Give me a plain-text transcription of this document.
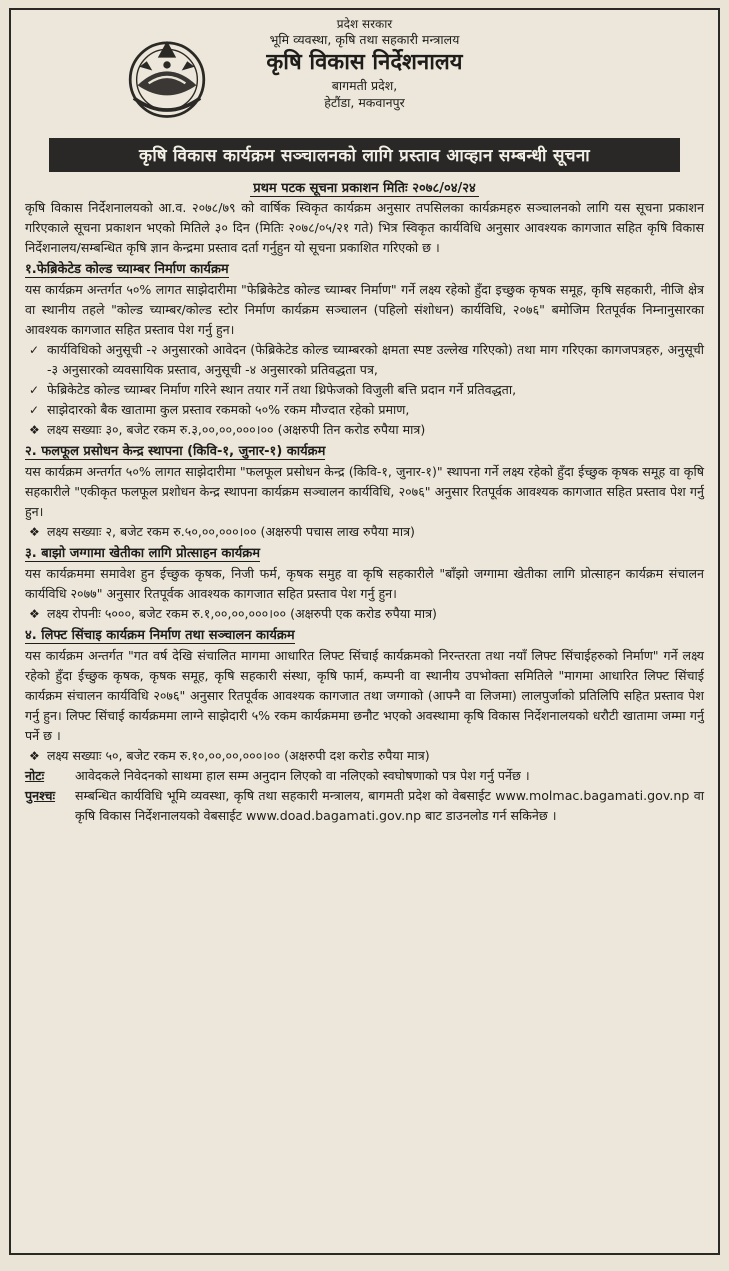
प्रदेश सरकार

भूमि व्यवस्था, कृषि तथा सहकारी मन्त्रालय

कृषि विकास निर्देशनालय

बागमती प्रदेश,

हेटौंडा, मकवानपुर

कृषि विकास कार्यक्रम सञ्चालनको लागि प्रस्ताव आव्हान सम्बन्धी सूचना
प्रथम पटक सूचना प्रकाशन मितिः २०७८/०४/२४

कृषि विकास निर्देशनालयको आ.व. २०७८/७९ को वार्षिक स्विकृत कार्यक्रम अनुसार तपसिलका कार्यक्रमहरु सञ्चालनको लागि यस सूचना प्रकाशन गरिएकाले सूचना प्रकाशन भएको मितिले ३० दिन (मितिः २०७८/०५/२१ गते) भित्र स्विकृत कार्यविधि अनुसार आवश्यक कागजात सहित कृषि विकास निर्देशनालय/सम्बन्धित कृषि ज्ञान केन्द्रमा प्रस्ताव दर्ता गर्नुहुन यो सूचना प्रकाशित गरिएको छ ।

१.फेब्रिकेटेड कोल्ड च्याम्बर निर्माण कार्यक्रम

यस कार्यक्रम अन्तर्गत ५०% लागत साझेदारीमा "फेब्रिकेटेड कोल्ड च्याम्बर निर्माण" गर्ने लक्ष्य रहेको हुँदा इच्छुक कृषक समूह, कृषि सहकारी, नीजि क्षेत्र वा स्थानीय तहले "कोल्ड च्याम्बर/कोल्ड स्टोर निर्माण कार्यक्रम सञ्चालन (पहिलो संशोधन) कार्यविधि, २०७६" बमोजिम रितपूर्वक निम्नानुसारका आवश्यक कागजात सहित प्रस्ताव पेश गर्नु हुन।

✓ कार्यविधिको अनुसूची -२ अनुसारको आवेदन (फेब्रिकेटेड कोल्ड च्याम्बरको क्षमता स्पष्ट उल्लेख गरिएको) तथा माग गरिएका कागजपत्रहरु, अनुसूची -३ अनुसारको व्यवसायिक प्रस्ताव, अनुसूची -४ अनुसारको प्रतिवद्धता पत्र,
✓ फेब्रिकेटेड कोल्ड च्याम्बर निर्माण गरिने स्थान तयार गर्ने तथा थ्रिफेजको विजुली बत्ति प्रदान गर्ने प्रतिवद्धता,
✓ साझेदारको बैक खातामा कुल प्रस्ताव रकमको ५०% रकम मौज्दात रहेको प्रमाण,
❖ लक्ष्य सख्याः ३०, बजेट रकम रु.३,००,००,०००।०० (अक्षरुपी तिन करोड रुपैया मात्र)

२. फलफूल प्रसोधन केन्द्र स्थापना (किवि-१, जुनार-१) कार्यक्रम

यस कार्यक्रम अन्तर्गत ५०% लागत साझेदारीमा "फलफूल प्रसोधन केन्द्र (किवि-१, जुनार-१)" स्थापना गर्ने लक्ष्य रहेको हुँदा ईच्छुक कृषक समूह वा कृषि सहकारीले "एकीकृत फलफूल प्रशोधन केन्द्र स्थापना कार्यक्रम सञ्चालन कार्यविधि, २०७६" अनुसार रितपूर्वक आवश्यक कागजात सहित प्रस्ताव पेश गर्नु हुन।

❖ लक्ष्य सख्याः २, बजेट रकम रु.५०,००,०००।०० (अक्षरुपी पचास लाख रुपैया मात्र)

३. बाझो जग्गामा खेतीका लागि प्रोत्साहन कार्यक्रम

यस कार्यक्रममा समावेश हुन ईच्छुक कृषक, निजी फर्म, कृषक समुह वा कृषि सहकारीले "बाँझो जग्गामा खेतीका लागि प्रोत्साहन कार्यक्रम संचालन कार्यविधि २०७७" अनुसार रितपूर्वक आवश्यक कागजात सहित प्रस्ताव पेश गर्नु हुन।

❖ लक्ष्य रोपनीः ५०००, बजेट रकम रु.१,००,००,०००।०० (अक्षरुपी एक करोड रुपैया मात्र)

४. लिफ्ट सिंचाइ कार्यक्रम निर्माण तथा सञ्चालन कार्यक्रम

यस कार्यक्रम अन्तर्गत "गत वर्ष देखि संचालित मागमा आधारित लिफ्ट सिंचाई कार्यक्रमको निरन्तरता तथा नयाँ लिफ्ट सिंचाईहरुको निर्माण" गर्ने लक्ष्य रहेको हुँदा ईच्छुक कृषक, कृषक समूह, कृषि सहकारी संस्था, कृषि फार्म, कम्पनी वा स्थानीय उपभोक्ता समितिले "मागमा आधारित लिफ्ट सिंचाई कार्यक्रम संचालन कार्यविधि २०७६" अनुसार रितपूर्वक आवश्यक कागजात तथा जग्गाको (आफ्नै वा लिजमा) लालपुर्जाको प्रतिलिपि सहित प्रस्ताव पेश गर्नु हुन। लिफ्ट सिंचाई कार्यक्रममा लाग्ने साझेदारी ५% रकम कार्यक्रममा छनौट भएको अवस्थामा कृषि विकास निर्देशनालयको धरौटी खातामा जम्मा गर्नु पर्ने छ ।

❖ लक्ष्य सख्याः ५०, बजेट रकम रु.१०,००,००,०००।०० (अक्षरुपी दश करोड रुपैया मात्र)
नोटः	आवेदकले निवेदनको साथमा हाल सम्म अनुदान लिएको वा नलिएको स्वघोषणाको पत्र पेश गर्नु पर्नेछ ।
पुनश्चः	सम्बन्धित कार्यविधि भूमि व्यवस्था, कृषि तथा सहकारी मन्त्रालय, बागमती प्रदेश को वेबसाईट www.molmac.bagamati.gov.np वा कृषि विकास निर्देशनालयको वेबसाईट www.doad.bagamati.gov.np बाट डाउनलोड गर्न सकिनेछ ।
